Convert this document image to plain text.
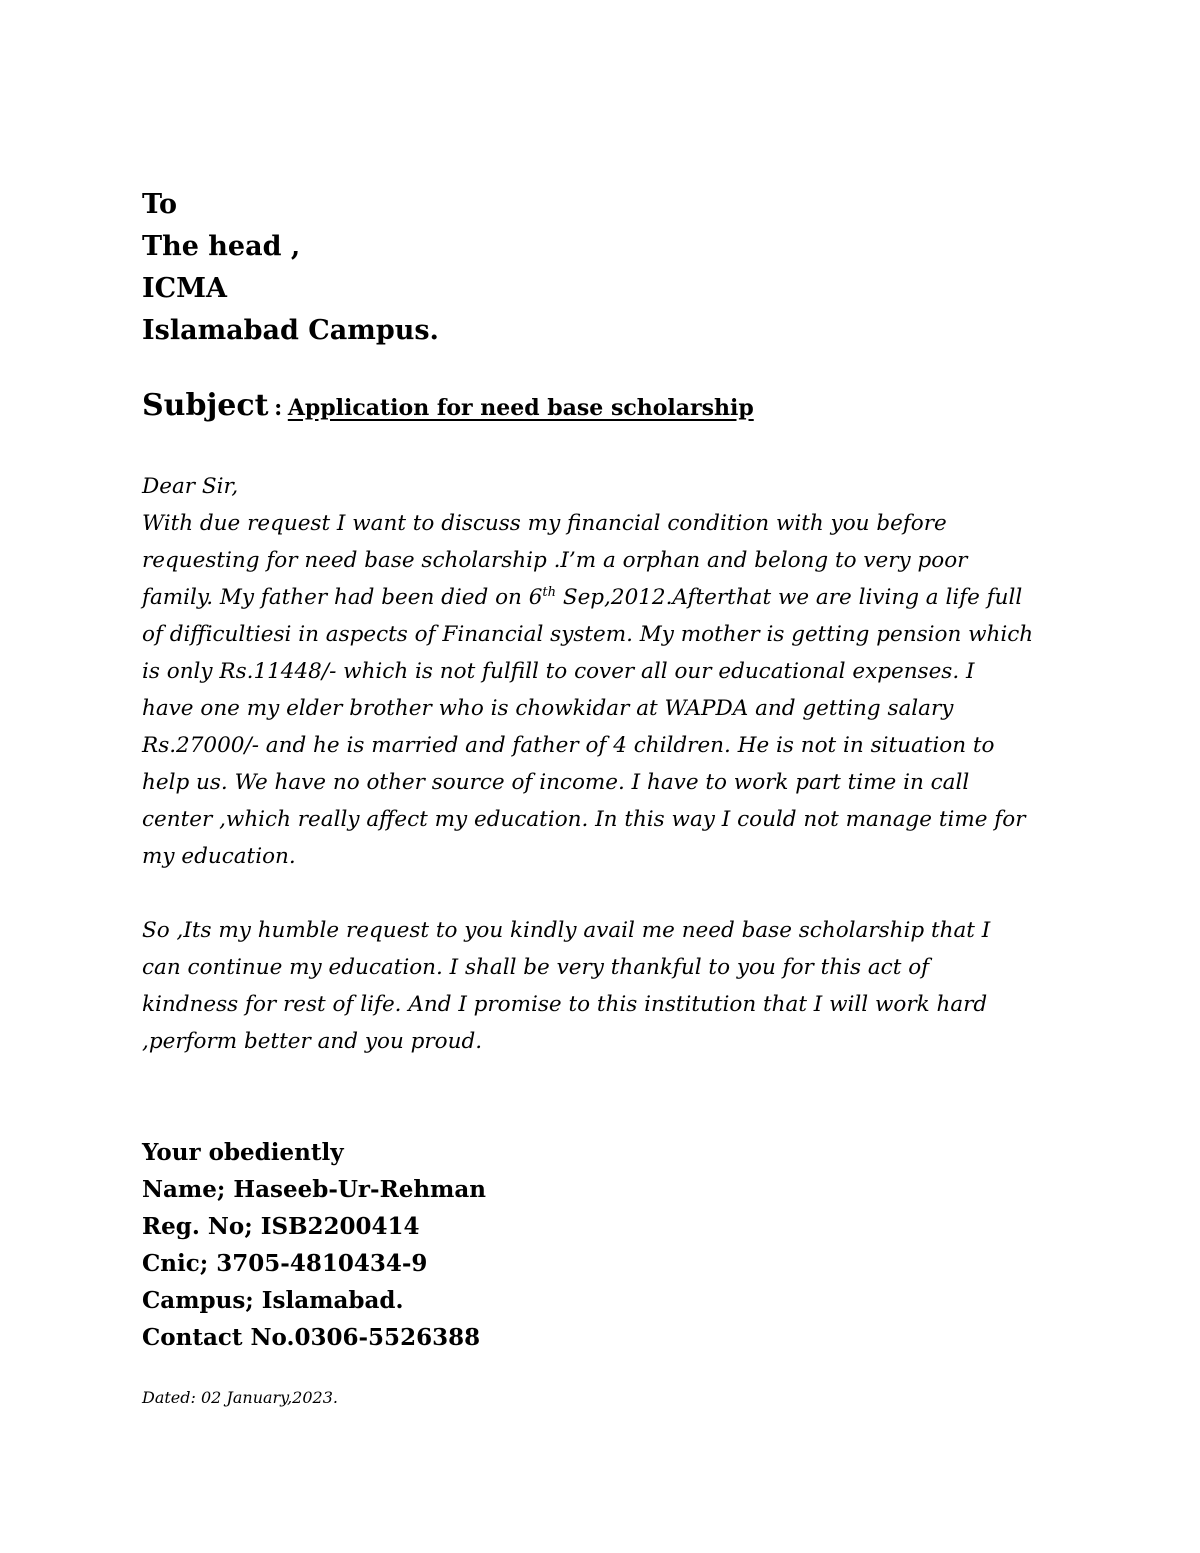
To
The head ,
ICMA
Islamabad Campus.
Subject : Application for need base scholarship
Dear Sir,
With due request I want to discuss my financial condition with you before
requesting for need base scholarship .I’m a orphan and belong to very poor
family. My father had been died on 6th Sep,2012.Afterthat we are living a life full
of difficultiesi in aspects of Financial system. My mother is getting pension which
is only Rs.11448/- which is not fulfill to cover all our educational expenses. I
have one my elder brother who is chowkidar at WAPDA and getting salary
Rs.27000/- and he is married and father of 4 children. He is not in situation to
help us. We have no other source of income. I have to work part time in call
center ,which really affect my education. In this way I could not manage time for
my education.
So ,Its my humble request to you kindly avail me need base scholarship that I
can continue my education. I shall be very thankful to you for this act of
kindness for rest of life. And I promise to this institution that I will work hard
,perform better and you proud.
Your obediently
Name; Haseeb-Ur-Rehman
Reg. No; ISB2200414
Cnic; 3705-4810434-9
Campus; Islamabad.
Contact No.0306-5526388
Dated: 02 January,2023.
